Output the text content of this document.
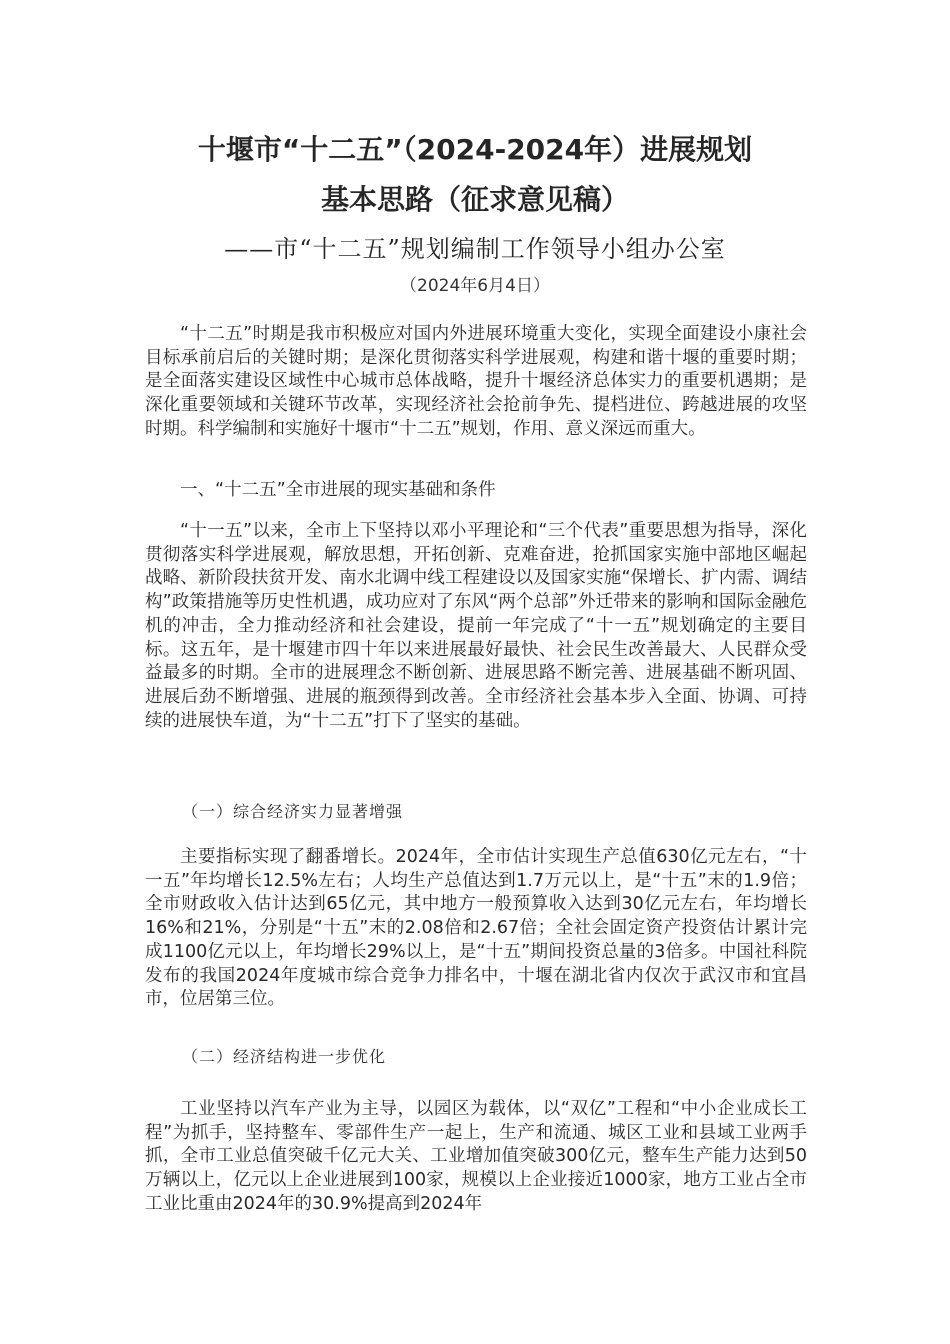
十堰市“十二五”（2024-2024年）进展规划
基本思路（征求意见稿）
——市“十二五”规划编制工作领导小组办公室
（2024年6月4日）

“十二五”时期是我市积极应对国内外进展环境重大变化，实现全面建设小康社会目标承前启后的关键时期；是深化贯彻落实科学进展观，构建和谐十堰的重要时期；是全面落实建设区域性中心城市总体战略，提升十堰经济总体实力的重要机遇期；是深化重要领域和关键环节改革，实现经济社会抢前争先、提档进位、跨越进展的攻坚时期。科学编制和实施好十堰市“十二五”规划，作用、意义深远而重大。

一、“十二五”全市进展的现实基础和条件

“十一五”以来，全市上下坚持以邓小平理论和“三个代表”重要思想为指导，深化贯彻落实科学进展观，解放思想，开拓创新、克难奋进，抢抓国家实施中部地区崛起战略、新阶段扶贫开发、南水北调中线工程建设以及国家实施“保增长、扩内需、调结构”政策措施等历史性机遇，成功应对了东风“两个总部”外迁带来的影响和国际金融危机的冲击，全力推动经济和社会建设，提前一年完成了“十一五”规划确定的主要目标。这五年，是十堰建市四十年以来进展最好最快、社会民生改善最大、人民群众受益最多的时期。全市的进展理念不断创新、进展思路不断完善、进展基础不断巩固、进展后劲不断增强、进展的瓶颈得到改善。全市经济社会基本步入全面、协调、可持续的进展快车道，为“十二五”打下了坚实的基础。

（一）综合经济实力显著增强

主要指标实现了翻番增长。2024年，全市估计实现生产总值630亿元左右，“十一五”年均增长12.5%左右；人均生产总值达到1.7万元以上，是“十五”末的1.9倍；全市财政收入估计达到65亿元，其中地方一般预算收入达到30亿元左右，年均增长16%和21%，分别是“十五”末的2.08倍和2.67倍；全社会固定资产投资估计累计完成1100亿元以上，年均增长29%以上，是“十五”期间投资总量的3倍多。中国社科院发布的我国2024年度城市综合竞争力排名中，十堰在湖北省内仅次于武汉市和宜昌市，位居第三位。

（二）经济结构进一步优化

工业坚持以汽车产业为主导，以园区为载体，以“双亿”工程和“中小企业成长工程”为抓手，坚持整车、零部件生产一起上，生产和流通、城区工业和县域工业两手抓，全市工业总值突破千亿元大关、工业增加值突破300亿元，整车生产能力达到50万辆以上，亿元以上企业进展到100家，规模以上企业接近1000家，地方工业占全市工业比重由2024年的30.9%提高到2024年
